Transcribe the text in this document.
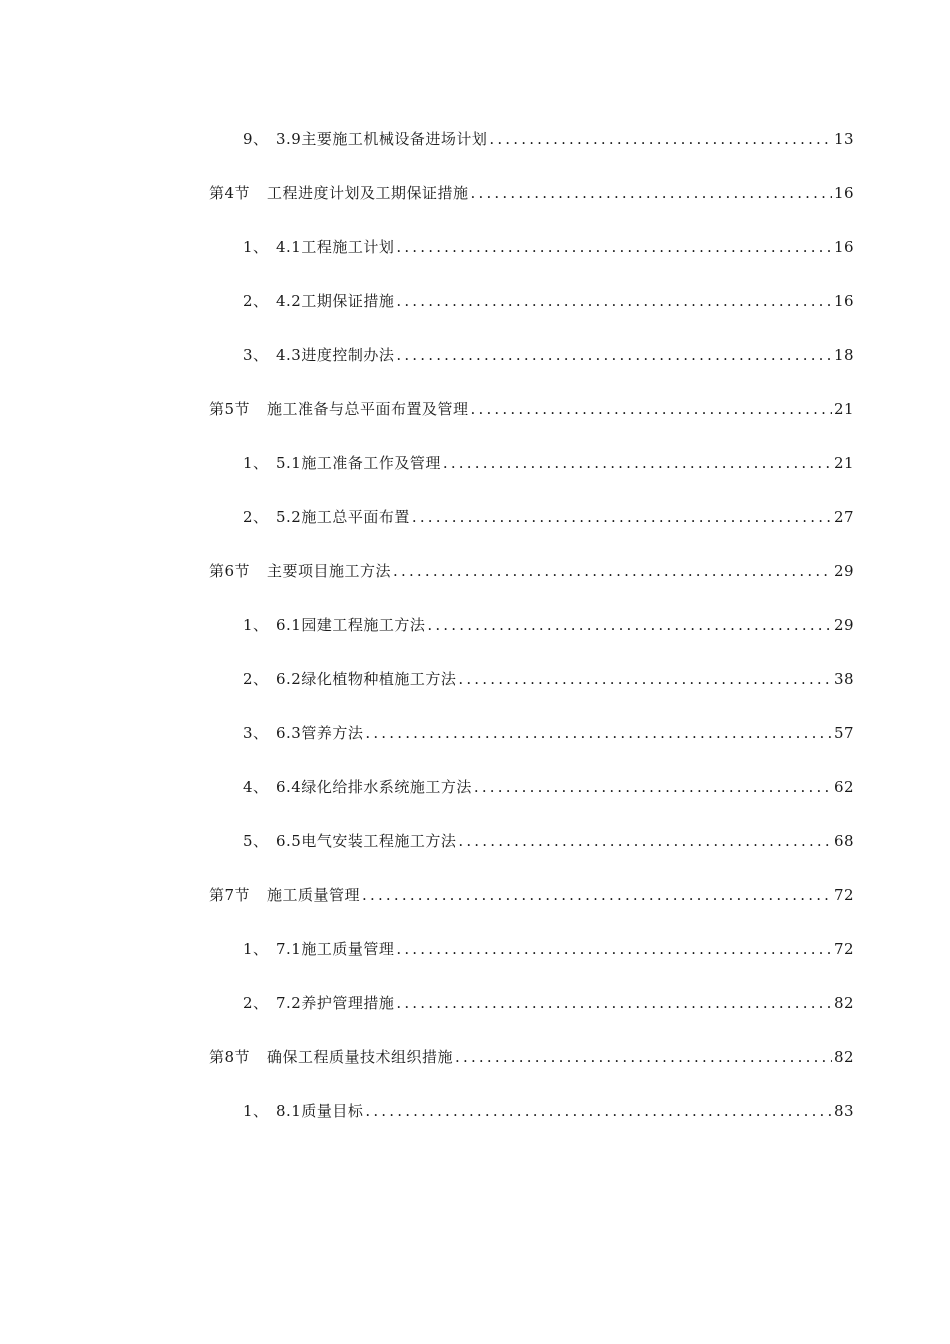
9、 3.9主要施工机械设备进场计划 .....	13
第4节	工程进度计划及工期保证措施 .....	16
1、 4.1工程施工计划 .....	16
2、 4.2工期保证措施 .....	16
3、 4.3进度控制办法 .....	18
第5节	施工准备与总平面布置及管理 .....	21
1、 5.1施工准备工作及管理 .....	21
2、 5.2施工总平面布置 .....	27
第6节	主要项目施工方法 .....	29
1、 6.1园建工程施工方法 .....	29
2、 6.2绿化植物种植施工方法 .....	38
3、 6.3管养方法 .....	57
4、 6.4绿化给排水系统施工方法 .....	62
5、 6.5电气安装工程施工方法 .....	68
第7节	施工质量管理 .....	72
1、 7.1施工质量管理 .....	72
2、 7.2养护管理措施 .....	82
第8节	确保工程质量技术组织措施 .....	82
1、 8.1质量目标 .....	83
